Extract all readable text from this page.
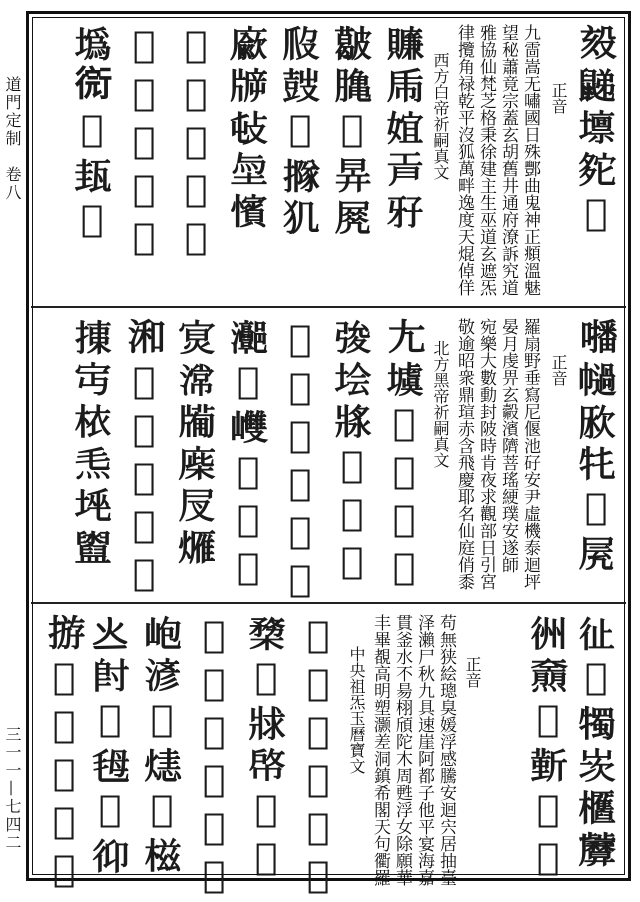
道門定制　卷八
三一一—七四二
㱾𪕧𡒄𡖟𡮝
正音
九䨓嵩无嘯國日殊酆曲鬼神正頫溫魅
望秘蕭竟宗蓋玄胡舊井通府潦訴究道
雅協仙梵芝格秉徐建主生巫道玄遮炁
律攬角禄乾平沒狐萬畔逸度天焜倬佯
西方白帝祈嗣真文
𧸖𢁺𡝮𢀞𤘅
𥀥𪚲𢨃𣅹𡲵
𤓶𡔷𤖊𢵌𤜝
𢋅𤗙𢻴𡋬𢣐
𣫑𡧹𤕳𡔋𢏺
𢮱𤩄𥁟𣎨𦊂
𡐮𢕋𣷕𤬿𥘏
𡃓𢅗𣢭𤘛𥂽𡱓
正音
羅扇野垂寫尼偃池矷安尹虛機泰迴坪
晏月虔畀玄㲉濱隮菩瑤綆璞安遂師
宛樂大數動封陂時肯夜求觀部日引宮
敬逾昭衆鼎瑄赤含飛慶耶名仙庭俏黍
北方黑帝祈嗣真文
𡯁𡑾𢠰𣲑𤣷𥅌
𢏤𡋗𤖅𣡚𢺏𡷥
𣍂𢑵𡿔𤋰𥄂𡗝
𤅻𢯑𡾼𣼃𢗵𡡮
𡨶𣻸𤗩𢉪𡰫𤏚
𣷓𢵬𤠍𡲅𢍀𣁞
𢱠𡧍𣐿𤆬𡋸𥃔
𢓊𡠰𤛯𡷑𣡛𢍷
正音
苟無狭絵璁臭媛浮感騰安迴宍居抽臺
泽瀨尸秋九具速崖阿都子他平宴海嘉
貫釜水不昜栩頎陀木周甦浮女除願華
丰畢覩高明塑灏差洞鎮希閣天句衢羅
中央祖炁玉曆寶文	𢓟𤑌𡵿𣂼𤞺𢝣
𡠉𢭚𤗫𡰃𣆑𢟬
𣖶𡻍𤕾𢃘𡮲𤴁
𢚶𤓑𡡷𣧺𢅬𤉢
𡶄𣸥𢪮𤌷𡝀𣕜
𤆂𡬠𢴏𣭇𡧴𢓋
𢰧𣙖𡦓𤞮𢘐𡺷
